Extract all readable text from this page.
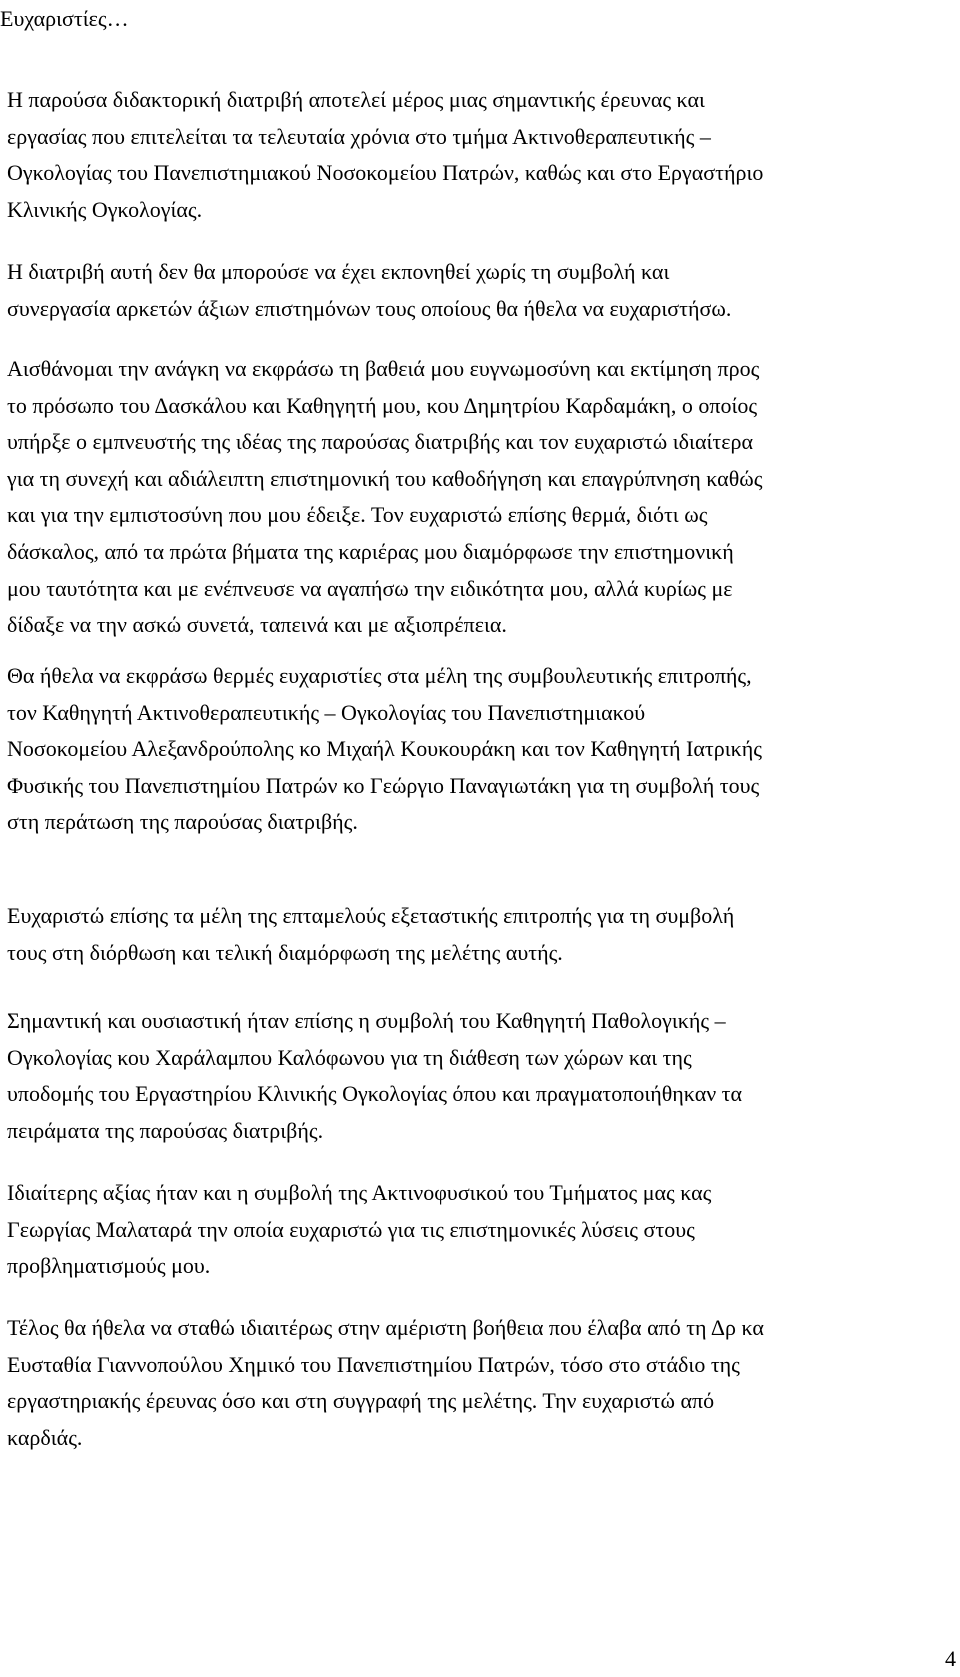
Ευχαριστίες…

Η παρούσα διδακτορική διατριβή αποτελεί μέρος μιας σημαντικής έρευνας και
εργασίας που επιτελείται τα τελευταία χρόνια στο τμήμα Ακτινοθεραπευτικής –
Ογκολογίας του Πανεπιστημιακού Νοσοκομείου Πατρών, καθώς και στο Εργαστήριο
Κλινικής Ογκολογίας.

Η διατριβή αυτή δεν θα μπορούσε να έχει εκπονηθεί χωρίς τη συμβολή και
συνεργασία αρκετών άξιων επιστημόνων τους οποίους θα ήθελα να ευχαριστήσω.

Αισθάνομαι την ανάγκη να εκφράσω τη βαθειά μου ευγνωμοσύνη και εκτίμηση προς
το πρόσωπο του Δασκάλου και Καθηγητή μου, κου Δημητρίου Καρδαμάκη, ο οποίος
υπήρξε ο εμπνευστής της ιδέας της παρούσας διατριβής και τον ευχαριστώ ιδιαίτερα
για τη συνεχή και αδιάλειπτη επιστημονική του καθοδήγηση και επαγρύπνηση καθώς
και για την εμπιστοσύνη που μου έδειξε. Τον ευχαριστώ επίσης θερμά, διότι ως
δάσκαλος, από τα πρώτα βήματα της καριέρας μου διαμόρφωσε την επιστημονική
μου ταυτότητα και με ενέπνευσε να αγαπήσω την ειδικότητα μου, αλλά κυρίως με
δίδαξε να την ασκώ συνετά, ταπεινά και με αξιοπρέπεια.

Θα ήθελα να εκφράσω θερμές ευχαριστίες στα μέλη της συμβουλευτικής επιτροπής,
τον Καθηγητή Ακτινοθεραπευτικής – Ογκολογίας του Πανεπιστημιακού
Νοσοκομείου Αλεξανδρούπολης κο Μιχαήλ Κουκουράκη και τον Καθηγητή Ιατρικής
Φυσικής του Πανεπιστημίου Πατρών κο Γεώργιο Παναγιωτάκη για τη συμβολή τους
στη περάτωση της παρούσας διατριβής.

Ευχαριστώ επίσης τα μέλη της επταμελούς εξεταστικής επιτροπής για τη συμβολή
τους στη διόρθωση και τελική διαμόρφωση της μελέτης αυτής.

Σημαντική και ουσιαστική ήταν επίσης η συμβολή του Καθηγητή Παθολογικής –
Ογκολογίας κου Χαράλαμπου Καλόφωνου για τη διάθεση των χώρων και της
υποδομής του Εργαστηρίου Κλινικής Ογκολογίας όπου και πραγματοποιήθηκαν τα
πειράματα της παρούσας διατριβής.

Ιδιαίτερης αξίας ήταν και η συμβολή της Ακτινοφυσικού του Τμήματος μας κας
Γεωργίας Μαλαταρά την οποία ευχαριστώ για τις επιστημονικές λύσεις στους
προβληματισμούς μου.

Τέλος θα ήθελα να σταθώ ιδιαιτέρως στην αμέριστη βοήθεια που έλαβα από τη Δρ κα
Ευσταθία Γιαννοπούλου Χημικό του Πανεπιστημίου Πατρών, τόσο στο στάδιο της
εργαστηριακής έρευνας όσο και στη συγγραφή της μελέτης. Την ευχαριστώ από
καρδιάς.

4
